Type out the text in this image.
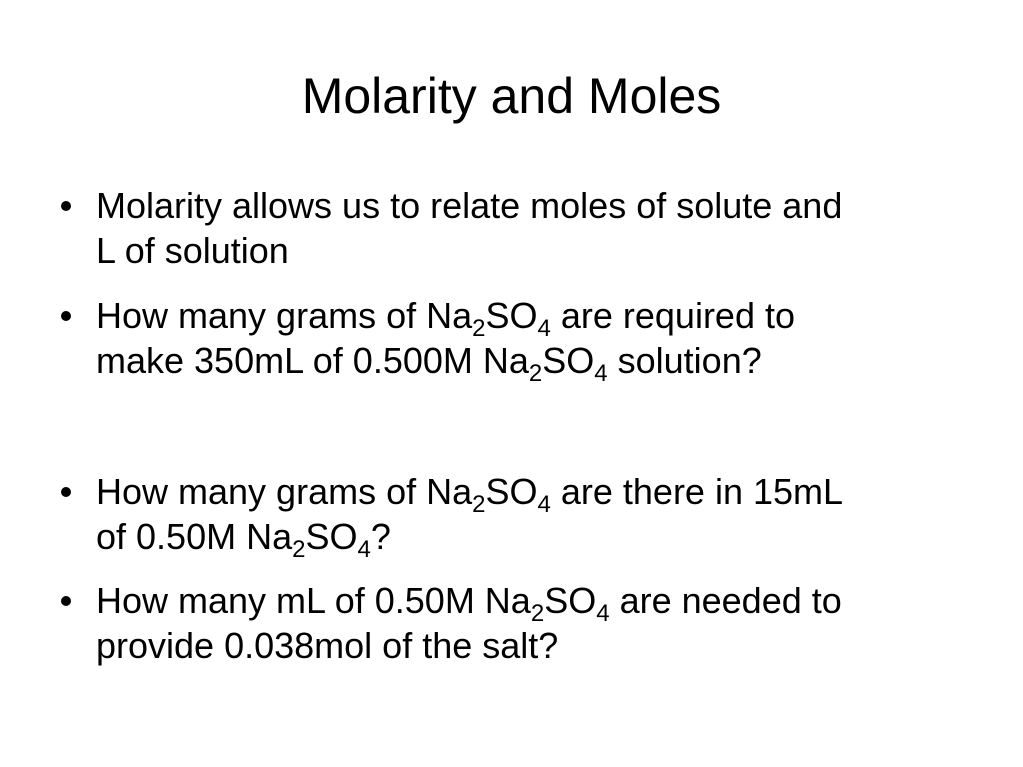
Molarity and Moles

Molarity allows us to relate moles of solute and
L of solution

How many grams of $Na_2SO_4$ are required to
make 350mL of 0.500M $Na_2SO_4$ solution?

How many grams of $Na_2SO_4$ are there in 15mL
of 0.50M $Na_2SO_4$?

How many mL of 0.50M $Na_2SO_4$ are needed to
provide 0.038mol of the salt?
